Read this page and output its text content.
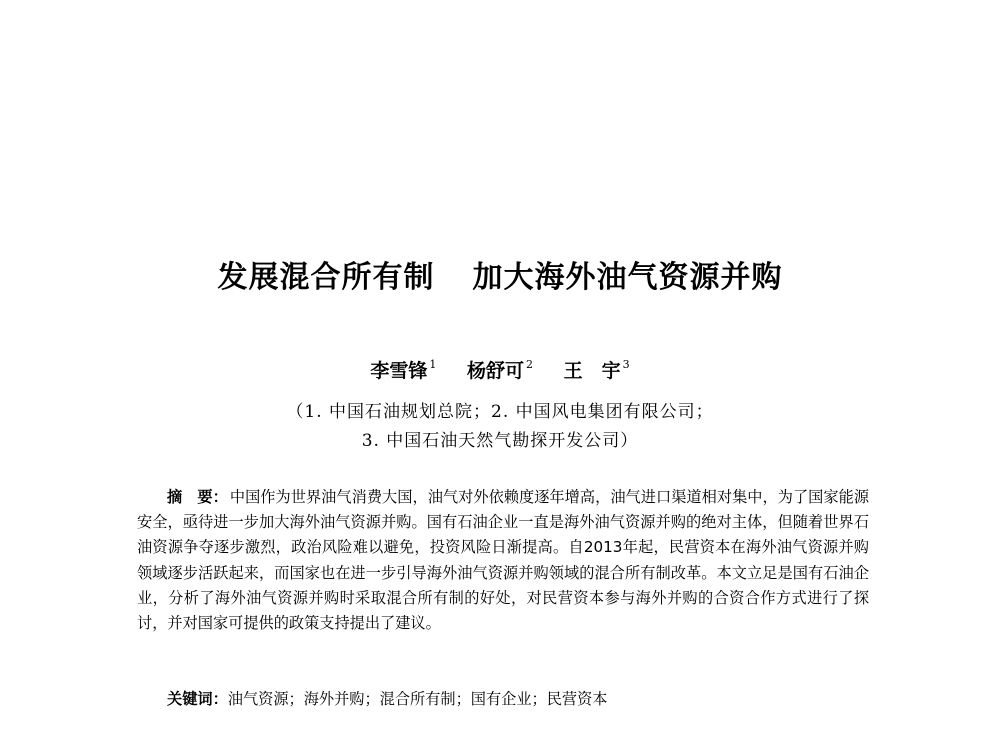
发展混合所有制 加大海外油气资源并购
李雪锋 $^1$ 杨舒可 $^2$ 王　宇 $^3$
（1. 中国石油规划总院；2. 中国风电集团有限公司；
3. 中国石油天然气勘探开发公司）
摘　要： 中国作为世界油气消费大国，油气对外依赖度逐年增高，油气进口渠道相对集中，为了国家能源安全，亟待进一步加大海外油气资源并购。国有石油企业一直是海外油气资源并购的绝对主体，但随着世界石油资源争夺逐步激烈，政治风险难以避免，投资风险日渐提高。自2013年起，民营资本在海外油气资源并购领域逐步活跃起来，而国家也在进一步引导海外油气资源并购领域的混合所有制改革。本文立足是国有石油企业，分析了海外油气资源并购时采取混合所有制的好处，对民营资本参与海外并购的合资合作方式进行了探讨，并对国家可提供的政策支持提出了建议。
关键词：油气资源；海外并购；混合所有制；国有企业；民营资本
